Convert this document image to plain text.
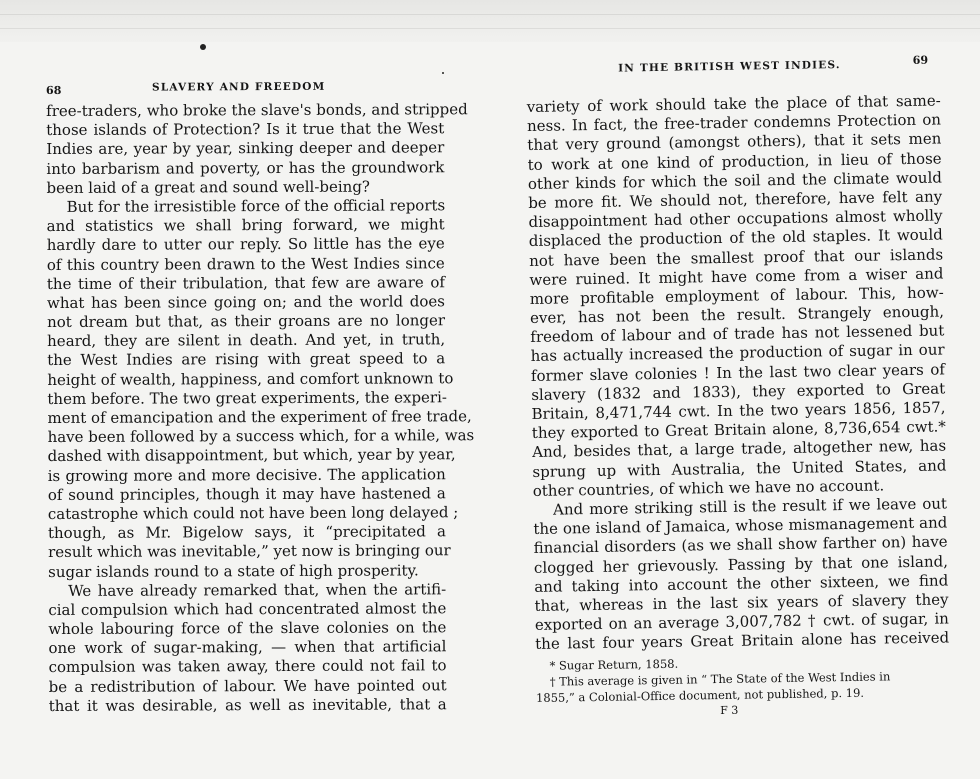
68	SLAVERY AND FREEDOM
free-traders, who broke the slave's bonds, and stripped
those islands of Protection? Is it true that the West
Indies are, year by year, sinking deeper and deeper
into barbarism and poverty, or has the groundwork
been laid of a great and sound well-being?
But for the irresistible force of the official reports
and statistics we shall bring forward, we might
hardly dare to utter our reply. So little has the eye
of this country been drawn to the West Indies since
the time of their tribulation, that few are aware of
what has been since going on; and the world does
not dream but that, as their groans are no longer
heard, they are silent in death. And yet, in truth,
the West Indies are rising with great speed to a
height of wealth, happiness, and comfort unknown to
them before. The two great experiments, the experi-
ment of emancipation and the experiment of free trade,
have been followed by a success which, for a while, was
dashed with disappointment, but which, year by year,
is growing more and more decisive. The application
of sound principles, though it may have hastened a
catastrophe which could not have been long delayed ;
though, as Mr. Bigelow says, it “precipitated a
result which was inevitable,” yet now is bringing our
sugar islands round to a state of high prosperity.
We have already remarked that, when the artifi-
cial compulsion which had concentrated almost the
whole labouring force of the slave colonies on the
one work of sugar-making, — when that artificial
compulsion was taken away, there could not fail to
be a redistribution of labour. We have pointed out
that it was desirable, as well as inevitable, that a
IN THE BRITISH WEST INDIES.	69
variety of work should take the place of that same-
ness. In fact, the free-trader condemns Protection on
that very ground (amongst others), that it sets men
to work at one kind of production, in lieu of those
other kinds for which the soil and the climate would
be more fit. We should not, therefore, have felt any
disappointment had other occupations almost wholly
displaced the production of the old staples. It would
not have been the smallest proof that our islands
were ruined. It might have come from a wiser and
more profitable employment of labour. This, how-
ever, has not been the result. Strangely enough,
freedom of labour and of trade has not lessened but
has actually increased the production of sugar in our
former slave colonies ! In the last two clear years of
slavery (1832 and 1833), they exported to Great
Britain, 8,471,744 cwt. In the two years 1856, 1857,
they exported to Great Britain alone, 8,736,654 cwt.*
And, besides that, a large trade, altogether new, has
sprung up with Australia, the United States, and
other countries, of which we have no account.
And more striking still is the result if we leave out
the one island of Jamaica, whose mismanagement and
financial disorders (as we shall show farther on) have
clogged her grievously. Passing by that one island,
and taking into account the other sixteen, we find
that, whereas in the last six years of slavery they
exported on an average 3,007,782 † cwt. of sugar, in
the last four years Great Britain alone has received
* Sugar Return, 1858.
† This average is given in “ The State of the West Indies in
1855,” a Colonial-Office document, not published, p. 19.
F 3
